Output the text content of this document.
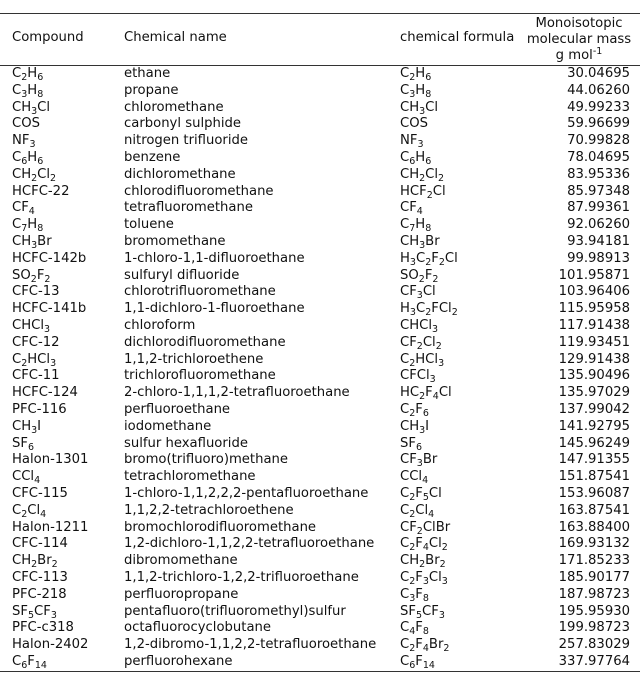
Compound	Chemical name	chemical formula	Monoisotopic
molecular mass
g mol$^{-1}$

$C_2H_6$	ethane	$C_2H_6$	30.04695
$C_3H_8$	propane	$C_3H_8$	44.06260
$CH_3Cl$	chloromethane	$CH_3Cl$	49.99233
COS	carbonyl sulphide	COS	59.96699
$NF_3$	nitrogen trifluoride	$NF_3$	70.99828
$C_6H_6$	benzene	$C_6H_6$	78.04695
$CH_2Cl_2$	dichloromethane	$CH_2Cl_2$	83.95336
HCFC-22	chlorodifluoromethane	$HCF_2Cl$	85.97348
$CF_4$	tetrafluoromethane	$CF_4$	87.99361
$C_7H_8$	toluene	$C_7H_8$	92.06260
$CH_3Br$	bromomethane	$CH_3Br$	93.94181
HCFC-142b	1-chloro-1,1-difluoroethane	$H_3C_2F_2Cl$	99.98913
$SO_2F_2$	sulfuryl difluoride	$SO_2F_2$	101.95871
CFC-13	chlorotrifluoromethane	$CF_3Cl$	103.96406
HCFC-141b	1,1-dichloro-1-fluoroethane	$H_3C_2FCl_2$	115.95958
CHCl$_3$	chloroform	CHCl$_3$	117.91438
CFC-12	dichlorodifluoromethane	$CF_2Cl_2$	119.93451
$C_2HCl_3$	1,1,2-trichloroethene	$C_2HCl_3$	129.91438
CFC-11	trichlorofluoromethane	CFCl$_3$	135.90496
HCFC-124	2-chloro-1,1,1,2-tetrafluoroethane	$HC_2F_4Cl$	135.97029
PFC-116	perfluoroethane	$C_2F_6$	137.99042
$CH_3I$	iodomethane	$CH_3I$	141.92795
$SF_6$	sulfur hexafluoride	$SF_6$	145.96249
Halon-1301	bromo(trifluoro)methane	$CF_3Br$	147.91355
CCl$_4$	tetrachloromethane	CCl$_4$	151.87541
CFC-115	1-chloro-1,1,2,2,2-pentafluoroethane	$C_2F_5Cl$	153.96087
$C_2Cl_4$	1,1,2,2-tetrachloroethene	$C_2Cl_4$	163.87541
Halon-1211	bromochlorodifluoromethane	$CF_2ClBr$	163.88400
CFC-114	1,2-dichloro-1,1,2,2-tetrafluoroethane	$C_2F_4Cl_2$	169.93132
$CH_2Br_2$	dibromomethane	$CH_2Br_2$	171.85233
CFC-113	1,1,2-trichloro-1,2,2-trifluoroethane	$C_2F_3Cl_3$	185.90177
PFC-218	perfluoropropane	$C_3F_8$	187.98723
$SF_5CF_3$	pentafluoro(trifluoromethyl)sulfur	$SF_5CF_3$	195.95930
PFC-c318	octafluorocyclobutane	$C_4F_8$	199.98723
Halon-2402	1,2-dibromo-1,1,2,2-tetrafluoroethane	$C_2F_4Br_2$	257.83029
$C_6F_{14}$	perfluorohexane	$C_6F_{14}$	337.97764
